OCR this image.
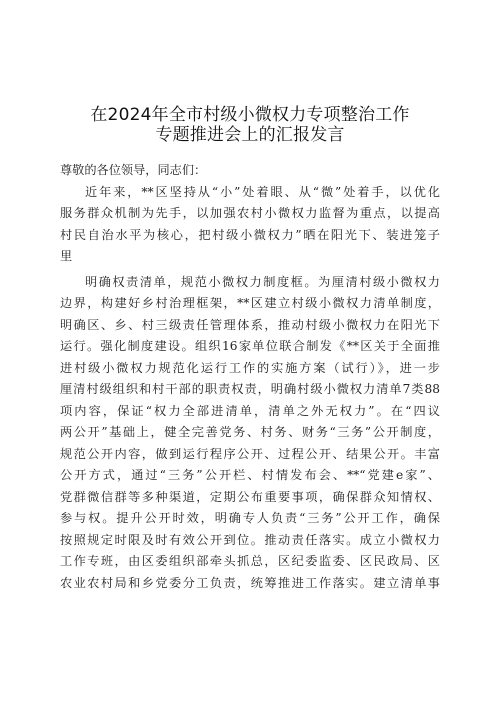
在2024年全市村级小微权力专项整治工作
专题推进会上的汇报发言
尊敬的各位领导，同志们：
近年来，**区坚持从“小”处着眼、从“微”处着手，以优化
服务群众机制为先手，以加强农村小微权力监督为重点，以提高
村民自治水平为核心，把村级小微权力”晒在阳光下、装进笼子
里
明确权责清单，规范小微权力制度框。为厘清村级小微权力
边界，构建好乡村治理框架，**区建立村级小微权力清单制度，
明确区、乡、村三级责任管理体系，推动村级小微权力在阳光下
运行。强化制度建设。组织16家单位联合制发《**区关于全面推
进村级小微权力规范化运行工作的实施方案（试行）》，进一步
厘清村级组织和村干部的职责权责，明确村级小微权力清单7类88
项内容，保证“权力全部进清单，清单之外无权力”。在“四议
两公开”基础上，健全完善党务、村务、财务“三务”公开制度，
规范公开内容，做到运行程序公开、过程公开、结果公开。丰富
公开方式，通过“三务”公开栏、村情发布会、**“党建e家”、
党群微信群等多种渠道，定期公布重要事项，确保群众知情权、
参与权。提升公开时效，明确专人负责“三务”公开工作，确保
按照规定时限及时有效公开到位。推动责任落实。成立小微权力
工作专班，由区委组织部牵头抓总，区纪委监委、区民政局、区
农业农村局和乡党委分工负责，统筹推进工作落实。建立清单事
